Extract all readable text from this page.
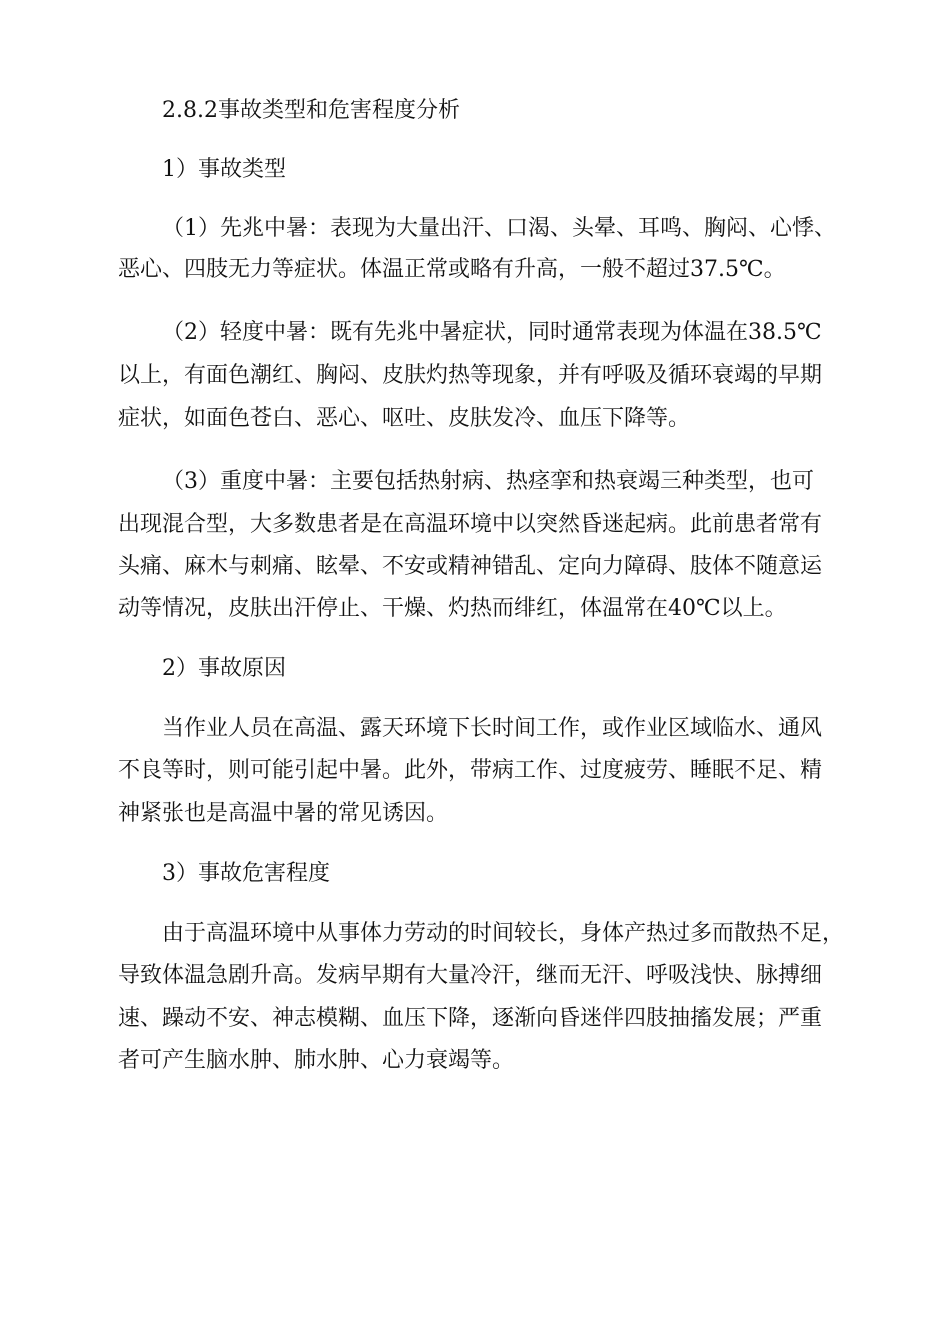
2.8.2事故类型和危害程度分析
1）事故类型
（1）先兆中暑：表现为大量出汗、口渴、头晕、耳鸣、胸闷、心悸、
恶心、四肢无力等症状。体温正常或略有升高，一般不超过37.5℃。
（2）轻度中暑：既有先兆中暑症状，同时通常表现为体温在38.5℃
以上，有面色潮红、胸闷、皮肤灼热等现象，并有呼吸及循环衰竭的早期
症状，如面色苍白、恶心、呕吐、皮肤发冷、血压下降等。
（3）重度中暑：主要包括热射病、热痉挛和热衰竭三种类型，也可
出现混合型，大多数患者是在高温环境中以突然昏迷起病。此前患者常有
头痛、麻木与刺痛、眩晕、不安或精神错乱、定向力障碍、肢体不随意运
动等情况，皮肤出汗停止、干燥、灼热而绯红，体温常在40℃以上。
2）事故原因
当作业人员在高温、露天环境下长时间工作，或作业区域临水、通风
不良等时，则可能引起中暑。此外，带病工作、过度疲劳、睡眠不足、精
神紧张也是高温中暑的常见诱因。
3）事故危害程度
由于高温环境中从事体力劳动的时间较长，身体产热过多而散热不足，
导致体温急剧升高。发病早期有大量冷汗，继而无汗、呼吸浅快、脉搏细
速、躁动不安、神志模糊、血压下降，逐渐向昏迷伴四肢抽搐发展；严重
者可产生脑水肿、肺水肿、心力衰竭等。
